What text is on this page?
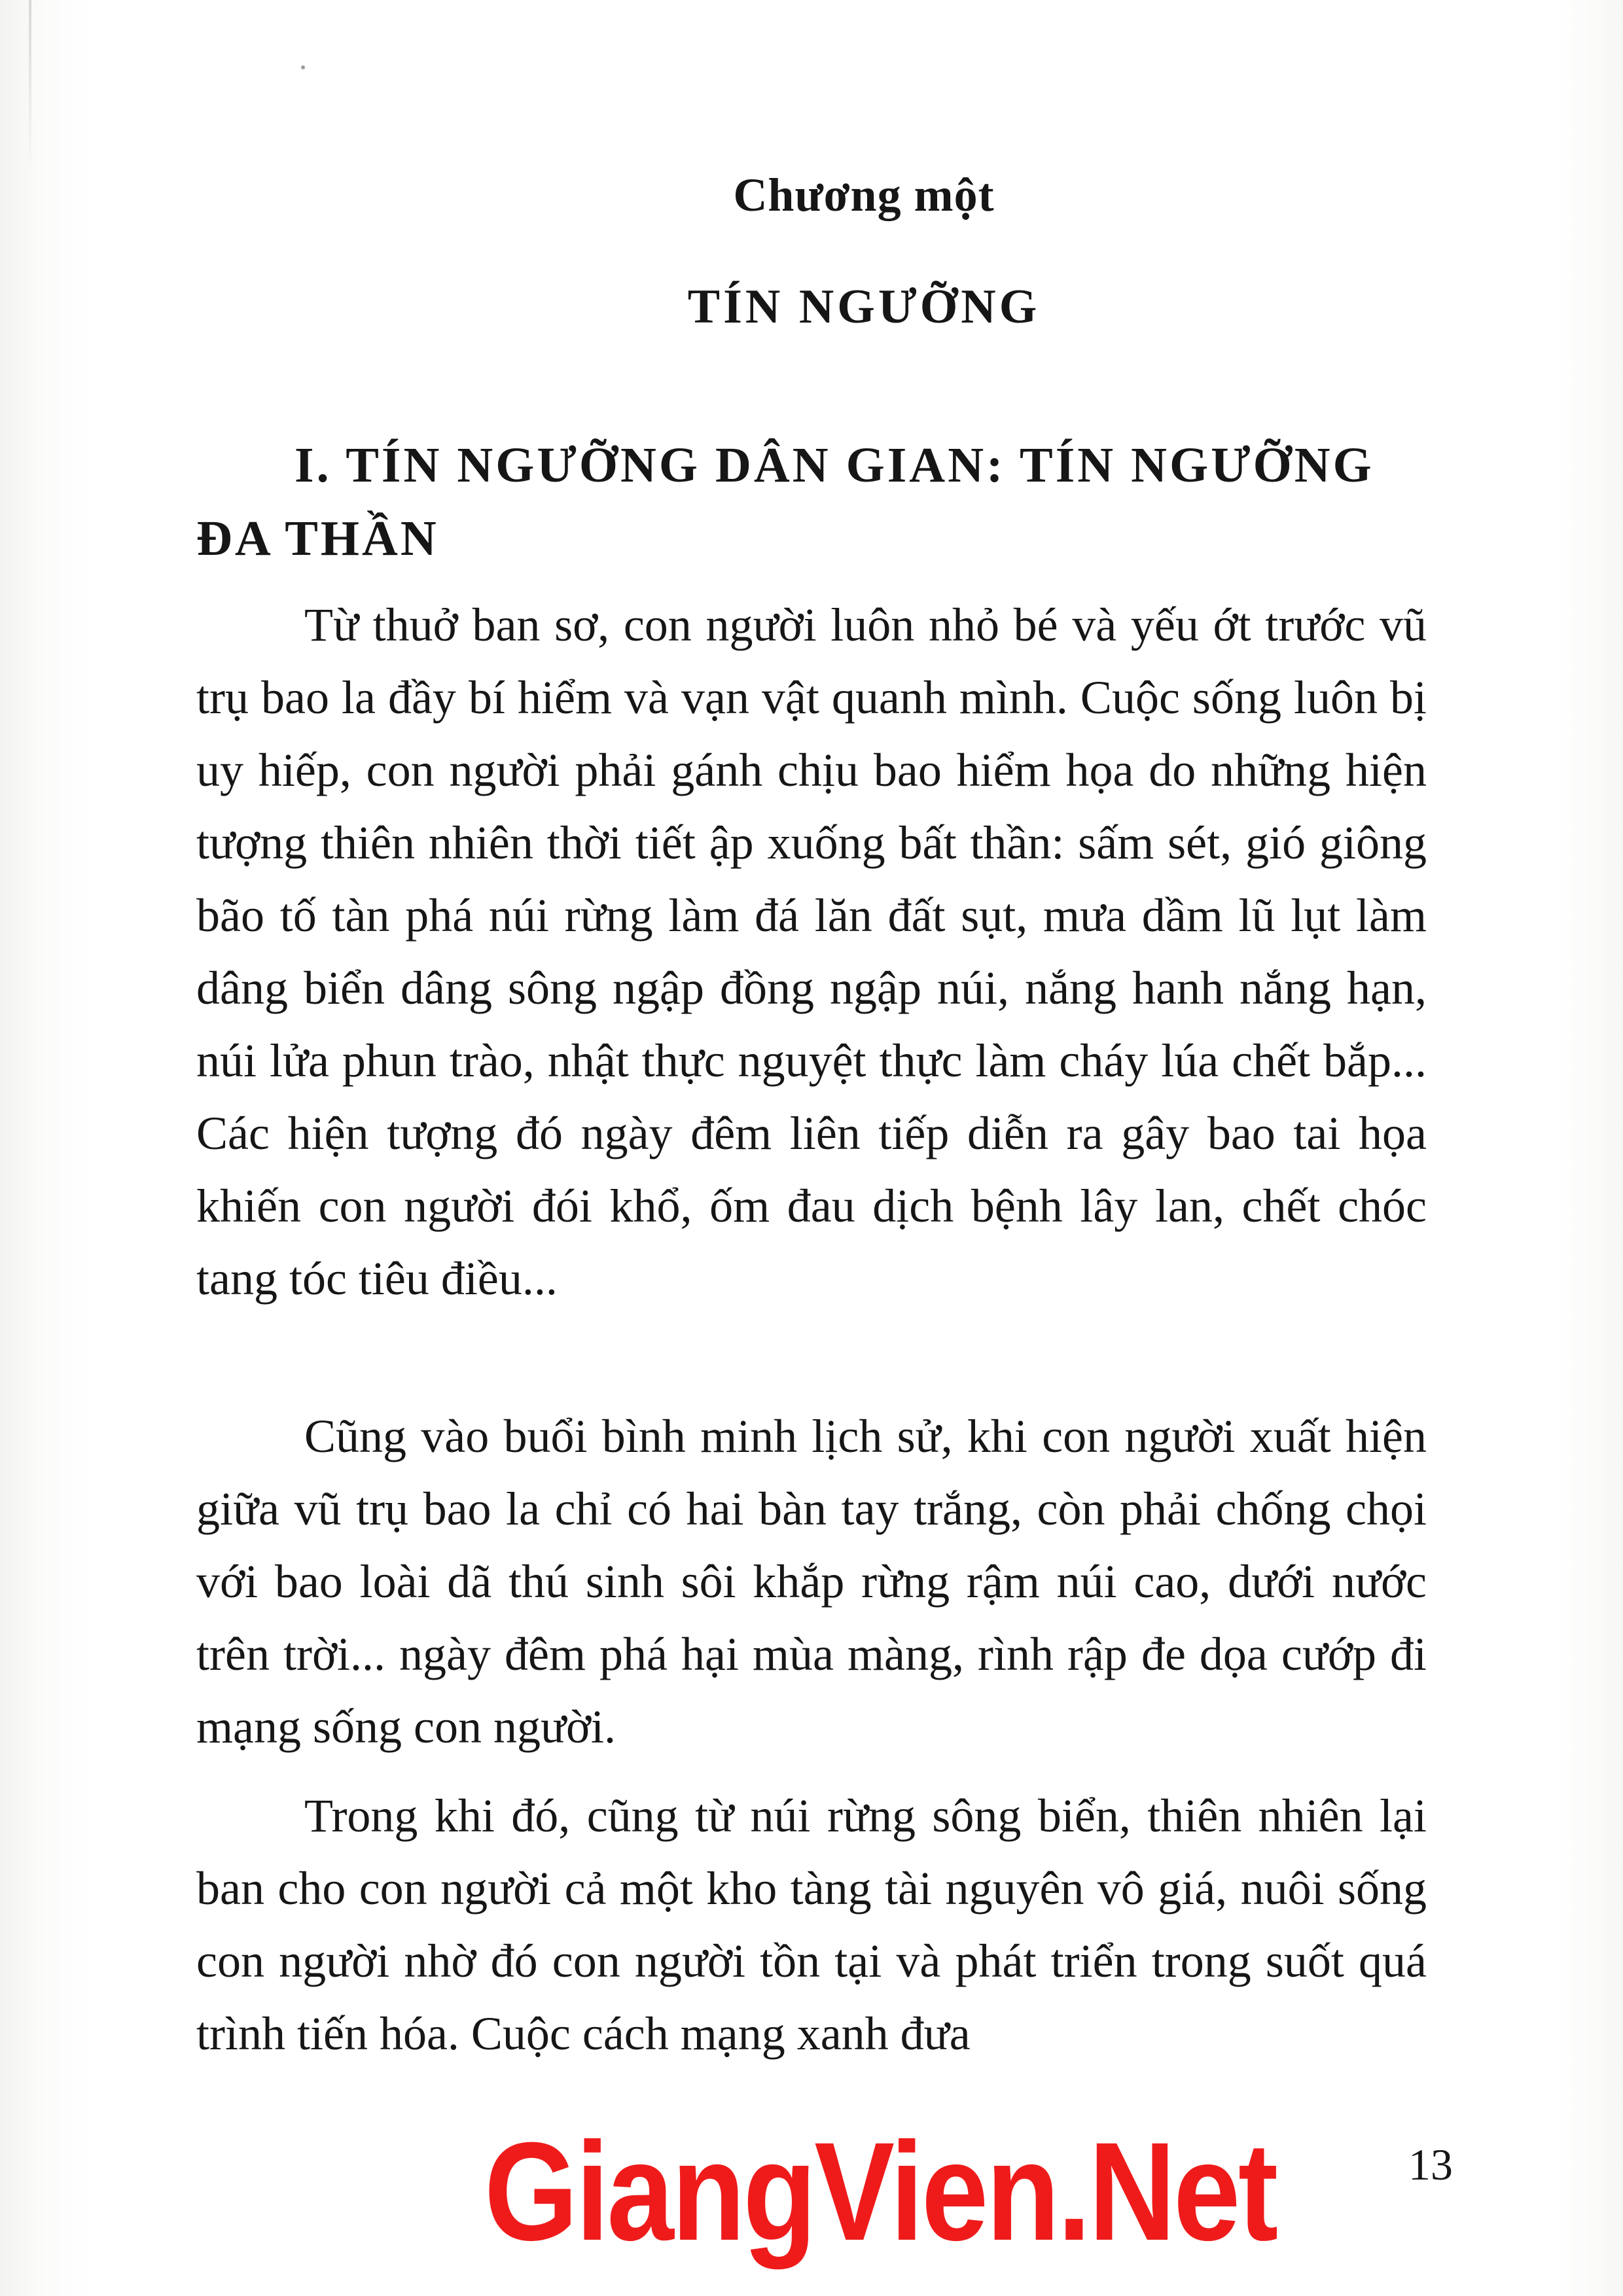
Chương một
TÍN NGƯỠNG
I. TÍN NGƯỠNG DÂN GIAN: TÍN NGƯỠNG ĐA THẦN
Từ thuở ban sơ, con người luôn nhỏ bé và yếu ớt trước vũ trụ bao la đầy bí hiểm và vạn vật quanh mình. Cuộc sống luôn bị uy hiếp, con người phải gánh chịu bao hiểm họa do những hiện tượng thiên nhiên thời tiết ập xuống bất thần: sấm sét, gió giông bão tố tàn phá núi rừng làm đá lăn đất sụt, mưa dầm lũ lụt làm dâng biển dâng sông ngập đồng ngập núi, nắng hanh nắng hạn, núi lửa phun trào, nhật thực nguyệt thực làm cháy lúa chết bắp... Các hiện tượng đó ngày đêm liên tiếp diễn ra gây bao tai họa khiến con người đói khổ, ốm đau dịch bệnh lây lan, chết chóc tang tóc tiêu điều...
Cũng vào buổi bình minh lịch sử, khi con người xuất hiện giữa vũ trụ bao la chỉ có hai bàn tay trắng, còn phải chống chọi với bao loài dã thú sinh sôi khắp rừng rậm núi cao, dưới nước trên trời... ngày đêm phá hại mùa màng, rình rập đe dọa cướp đi mạng sống con người.
Trong khi đó, cũng từ núi rừng sông biển, thiên nhiên lại ban cho con người cả một kho tàng tài nguyên vô giá, nuôi sống con người nhờ đó con người tồn tại và phát triển trong suốt quá trình tiến hóa. Cuộc cách mạng xanh đưa
GiangVien.Net	13
